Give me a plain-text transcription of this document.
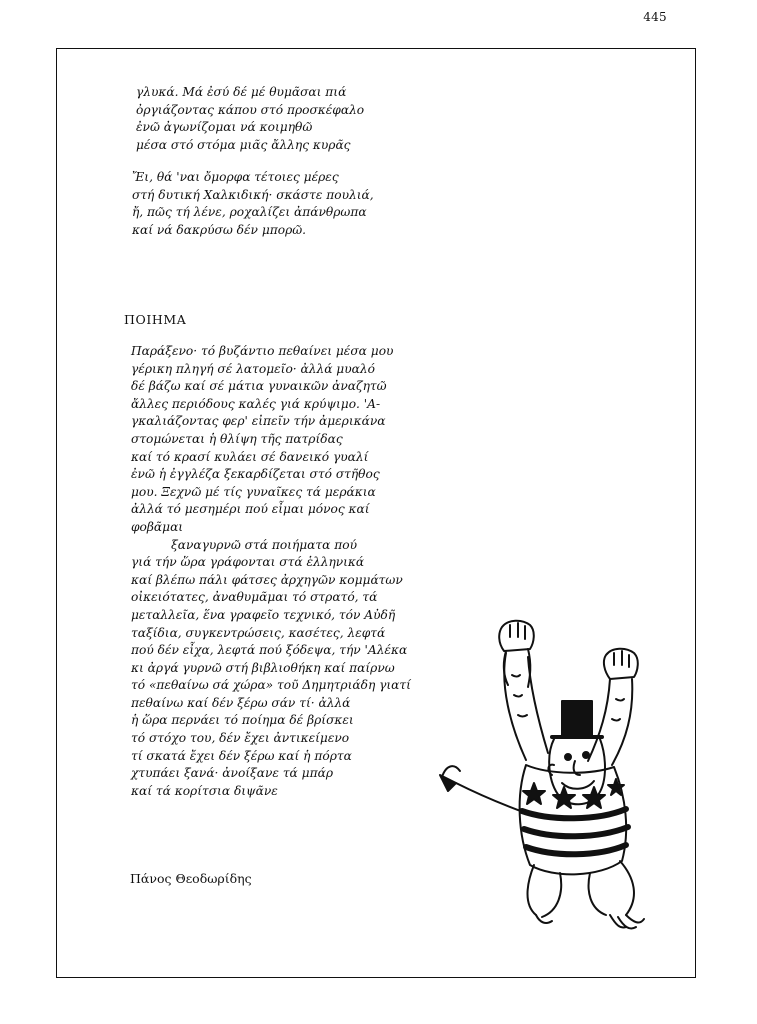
445

γλυκά. Μά ἐσύ δέ μέ θυμᾶσαι πιά
ὀργιάζοντας κάπου στό προσκέφαλο
ἐνῶ ἀγωνίζομαι νά κοιμηθῶ
μέσα στό στόμα μιᾶς ἄλλης κυρᾶς

Ἔι, θά 'ναι ὄμορφα τέτοιες μέρες
στή δυτική Χαλκιδική· σκάστε πουλιά,
ἤ, πῶς τή λένε, ροχαλίζει ἀπάνθρωπα
καί νά δακρύσω δέν μπορῶ.

ΠΟΙΗΜΑ

Παράξενο· τό βυζάντιο πεθαίνει μέσα μου
γέρικη πληγή σέ λατομεῖο· ἀλλά μυαλό
δέ βάζω καί σέ μάτια γυναικῶν ἀναζητῶ
ἄλλες περιόδους καλές γιά κρύψιμο. 'Α-
γκαλιάζοντας φερ' εἰπεῖν τήν ἀμερικάνα
στομώνεται ἡ θλίψη τῆς πατρίδας
καί τό κρασί κυλάει σέ δανεικό γυαλί
ἐνῶ ἡ ἐγγλέζα ξεκαρδίζεται στό στῆθος
μου. Ξεχνῶ μέ τίς γυναῖκες τά μεράκια
ἀλλά τό μεσημέρι πού εἶμαι μόνος καί
φοβᾶμαι
ξαναγυρνῶ στά ποιήματα πού
γιά τήν ὥρα γράφονται στά ἑλληνικά
καί βλέπω πάλι φάτσες ἀρχηγῶν κομμάτων
οἰκειότατες, ἀναθυμᾶμαι τό στρατό, τά
μεταλλεῖα, ἕνα γραφεῖο τεχνικό, τόν Αὐδῆ
ταξίδια, συγκεντρώσεις, κασέτες, λεφτά
πού δέν εἶχα, λεφτά πού ξόδεψα, τήν 'Αλέκα
κι ἀργά γυρνῶ στή βιβλιοθήκη καί παίρνω
τό «πεθαίνω σά χώρα» τοῦ Δημητριάδη γιατί
πεθαίνω καί δέν ξέρω σάν τί· ἀλλά
ἡ ὥρα περνάει τό ποίημα δέ βρίσκει
τό στόχο του, δέν ἔχει ἀντικείμενο
τί σκατά ἔχει δέν ξέρω καί ἡ πόρτα
χτυπάει ξανά· ἀνοίξανε τά μπάρ
καί τά κορίτσια διψᾶνε

Πάνος Θεοδωρίδης
